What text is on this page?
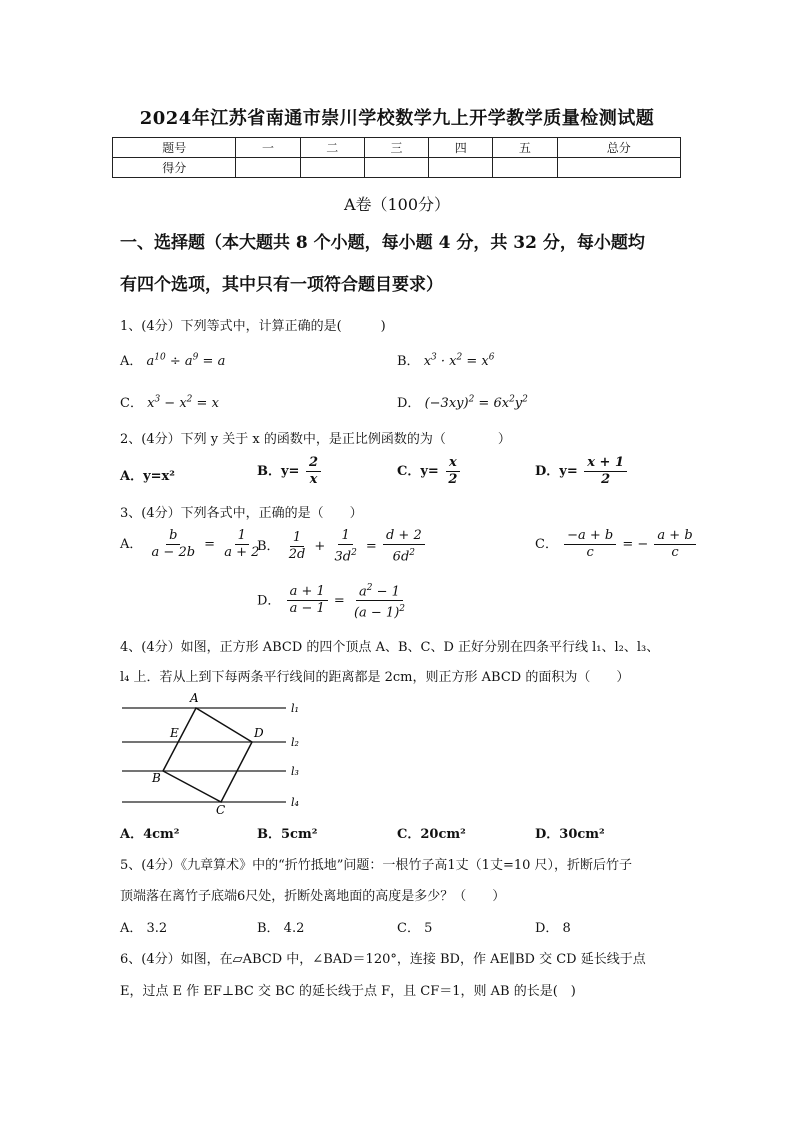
2024年江苏省南通市崇川学校数学九上开学教学质量检测试题
题号	一	二	三	四	五	总分
得分						
A卷（100分）
一、选择题（本大题共 8 个小题，每小题 4 分，共 32 分，每小题均
有四个选项，其中只有一项符合题目要求）
1、(4分）下列等式中，计算正确的是(　　　)
A． $a^{10} \div a^9 = a$	B． $x^3 \cdot x^2 = x^6$
C． $x^3 - x^2 = x$	D． $(-3xy)^2 = 6x^2y^2$
2、(4分）下列 y 关于 x 的函数中，是正比例函数的为（　　　　）
A．y=x²	B．$y= \frac{2}{x}$	C．$y= \frac{x}{2}$	D．$y= \frac{x + 1}{2}$
3、(4分）下列各式中，正确的是（　　）
A． $\frac{b}{a - 2b} = \frac{1}{a + 2}$
B． $\frac{1}{2d} + \frac{1}{3d^2} = \frac{d + 2}{6d^2}$	C． $\frac{-a + b}{c}$ = − $\frac{a + b}{c}$
D． $\frac{a + 1}{a - 1} = \frac{a^2 - 1}{(a - 1)^2}$
4、(4分）如图，正方形 ABCD 的四个顶点 A、B、C、D 正好分别在四条平行线 l₁、l₂、l₃、
l₄ 上．若从上到下每两条平行线间的距离都是 2cm，则正方形 ABCD 的面积为（　　）
A
E	D
B
C
l₁
l₂
l₃
l₄
A．4cm²	B．5cm²	C．20cm²	D．30cm²
5、(4分）《九章算术》中的“折竹抵地”问题：一根竹子高1丈（1丈=10 尺），折断后竹子
顶端落在离竹子底端6尺处，折断处离地面的高度是多少？（　　）
A． 3.2	B． 4.2	C． 5	D． 8
6、(4分）如图，在▱ABCD 中，∠BAD＝120°，连接 BD，作 AE∥BD 交 CD 延长线于点
E，过点 E 作 EF⊥BC 交 BC 的延长线于点 F，且 CF＝1，则 AB 的长是(　)
